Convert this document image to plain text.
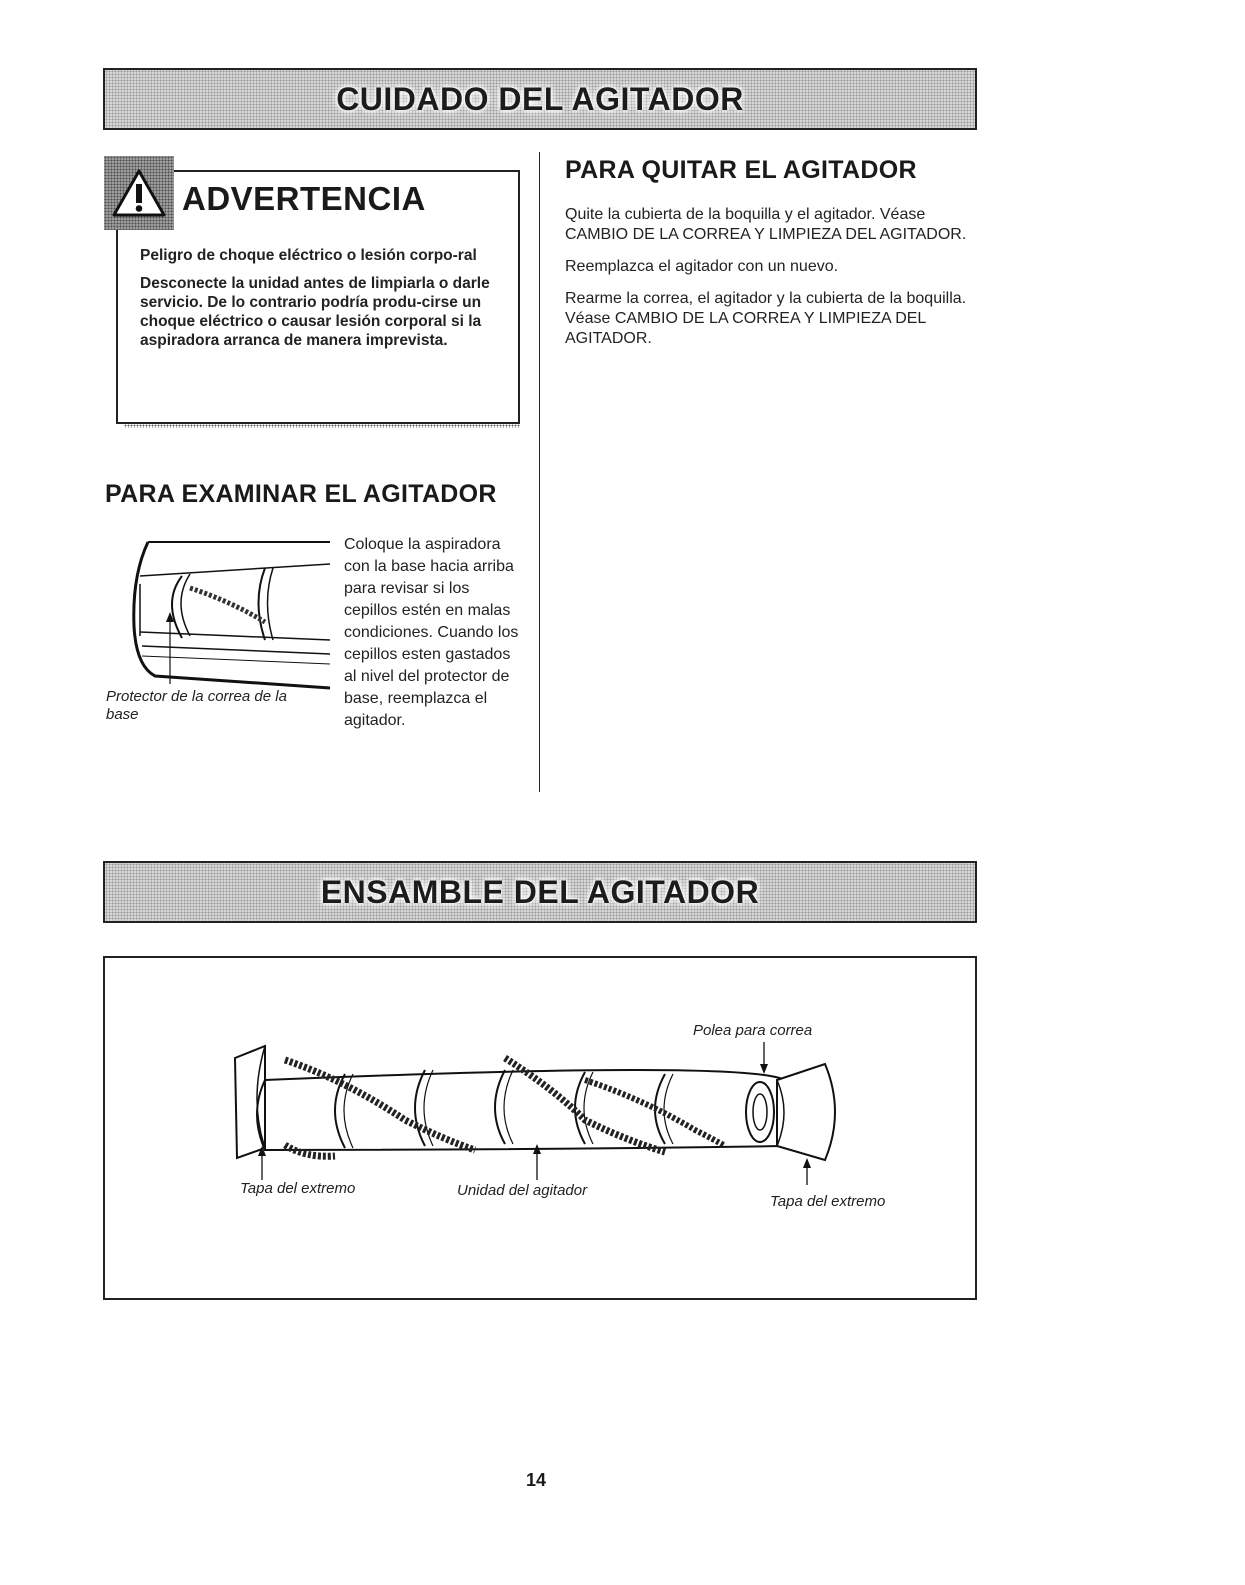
CUIDADO DEL AGITADOR
ADVERTENCIA

Peligro de choque eléctrico o lesión corpo-ral

Desconecte la unidad antes de limpiarla o darle servicio. De lo contrario podría produ-cirse un choque eléctrico o causar lesión corporal si la aspiradora arranca de manera imprevista.

PARA QUITAR EL AGITADOR

Quite la cubierta de la boquilla y el agitador. Véase CAMBIO DE LA CORREA Y LIMPIEZA DEL AGITADOR.

Reemplazca el agitador con un nuevo.

Rearme la correa, el agitador y la cubierta de la boquilla. Véase CAMBIO DE LA CORREA Y LIMPIEZA DEL AGITADOR.

PARA EXAMINAR EL AGITADOR
Coloque la aspiradora con la base hacia arriba para revisar si los cepillos estén en malas condiciones. Cuando los cepillos esten gastados al nivel del protector de base, reemplazca el agitador.
Protector de la correa de la base
ENSAMBLE DEL AGITADOR
Polea para correa
Tapa del extremo	Unidad del agitador
Tapa del extremo
14
